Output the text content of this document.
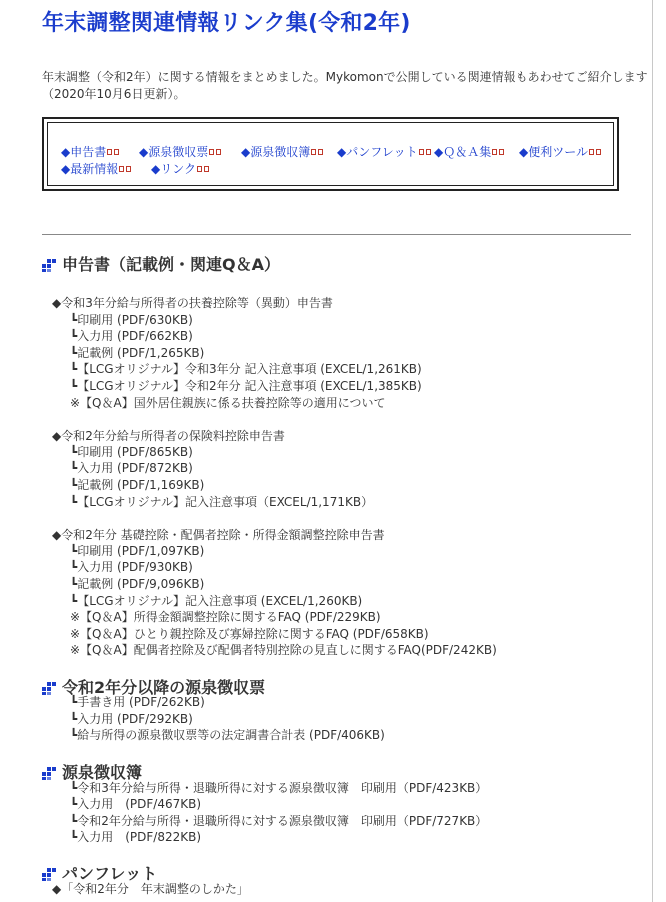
年末調整関連情報リンク集(令和2年)
年末調整（令和2年）に関する情報をまとめました。Mykomonで公開している関連情報もあわせてご紹介します
（2020年10月6日更新）。
◆申告書	◆源泉徴収票	◆源泉徴収簿	◆パンフレット	◆Ｑ＆Ａ集	◆便利ツール
◆最新情報	◆リンク
申告書（記載例・関連Q＆A）
◆令和3年分給与所得者の扶養控除等（異動）申告書
┗印刷用 (PDF/630KB)
┗入力用 (PDF/662KB)
┗記載例 (PDF/1,265KB)
┗【LCGオリジナル】令和3年分 記入注意事項 (EXCEL/1,261KB)
┗【LCGオリジナル】令和2年分 記入注意事項 (EXCEL/1,385KB)
※【Q＆A】国外居住親族に係る扶養控除等の適用について
◆令和2年分給与所得者の保険料控除申告書
┗印刷用 (PDF/865KB)
┗入力用 (PDF/872KB)
┗記載例 (PDF/1,169KB)
┗【LCGオリジナル】記入注意事項（EXCEL/1,171KB）
◆令和2年分 基礎控除・配偶者控除・所得金額調整控除申告書
┗印刷用 (PDF/1,097KB)
┗入力用 (PDF/930KB)
┗記載例 (PDF/9,096KB)
┗【LCGオリジナル】記入注意事項 (EXCEL/1,260KB)
※【Q＆A】所得金額調整控除に関するFAQ (PDF/229KB)
※【Q＆A】ひとり親控除及び寡婦控除に関するFAQ (PDF/658KB)
※【Q＆A】配偶者控除及び配偶者特別控除の見直しに関するFAQ(PDF/242KB)
令和2年分以降の源泉徴収票
┗手書き用 (PDF/262KB)
┗入力用 (PDF/292KB)
┗給与所得の源泉徴収票等の法定調書合計表 (PDF/406KB)
源泉徴収簿
┗令和3年分給与所得・退職所得に対する源泉徴収簿　印刷用（PDF/423KB）
┗入力用　(PDF/467KB)
┗令和2年分給与所得・退職所得に対する源泉徴収簿　印刷用（PDF/727KB）
┗入力用　(PDF/822KB)
パンフレット
◆「令和2年分　年末調整のしかた」
